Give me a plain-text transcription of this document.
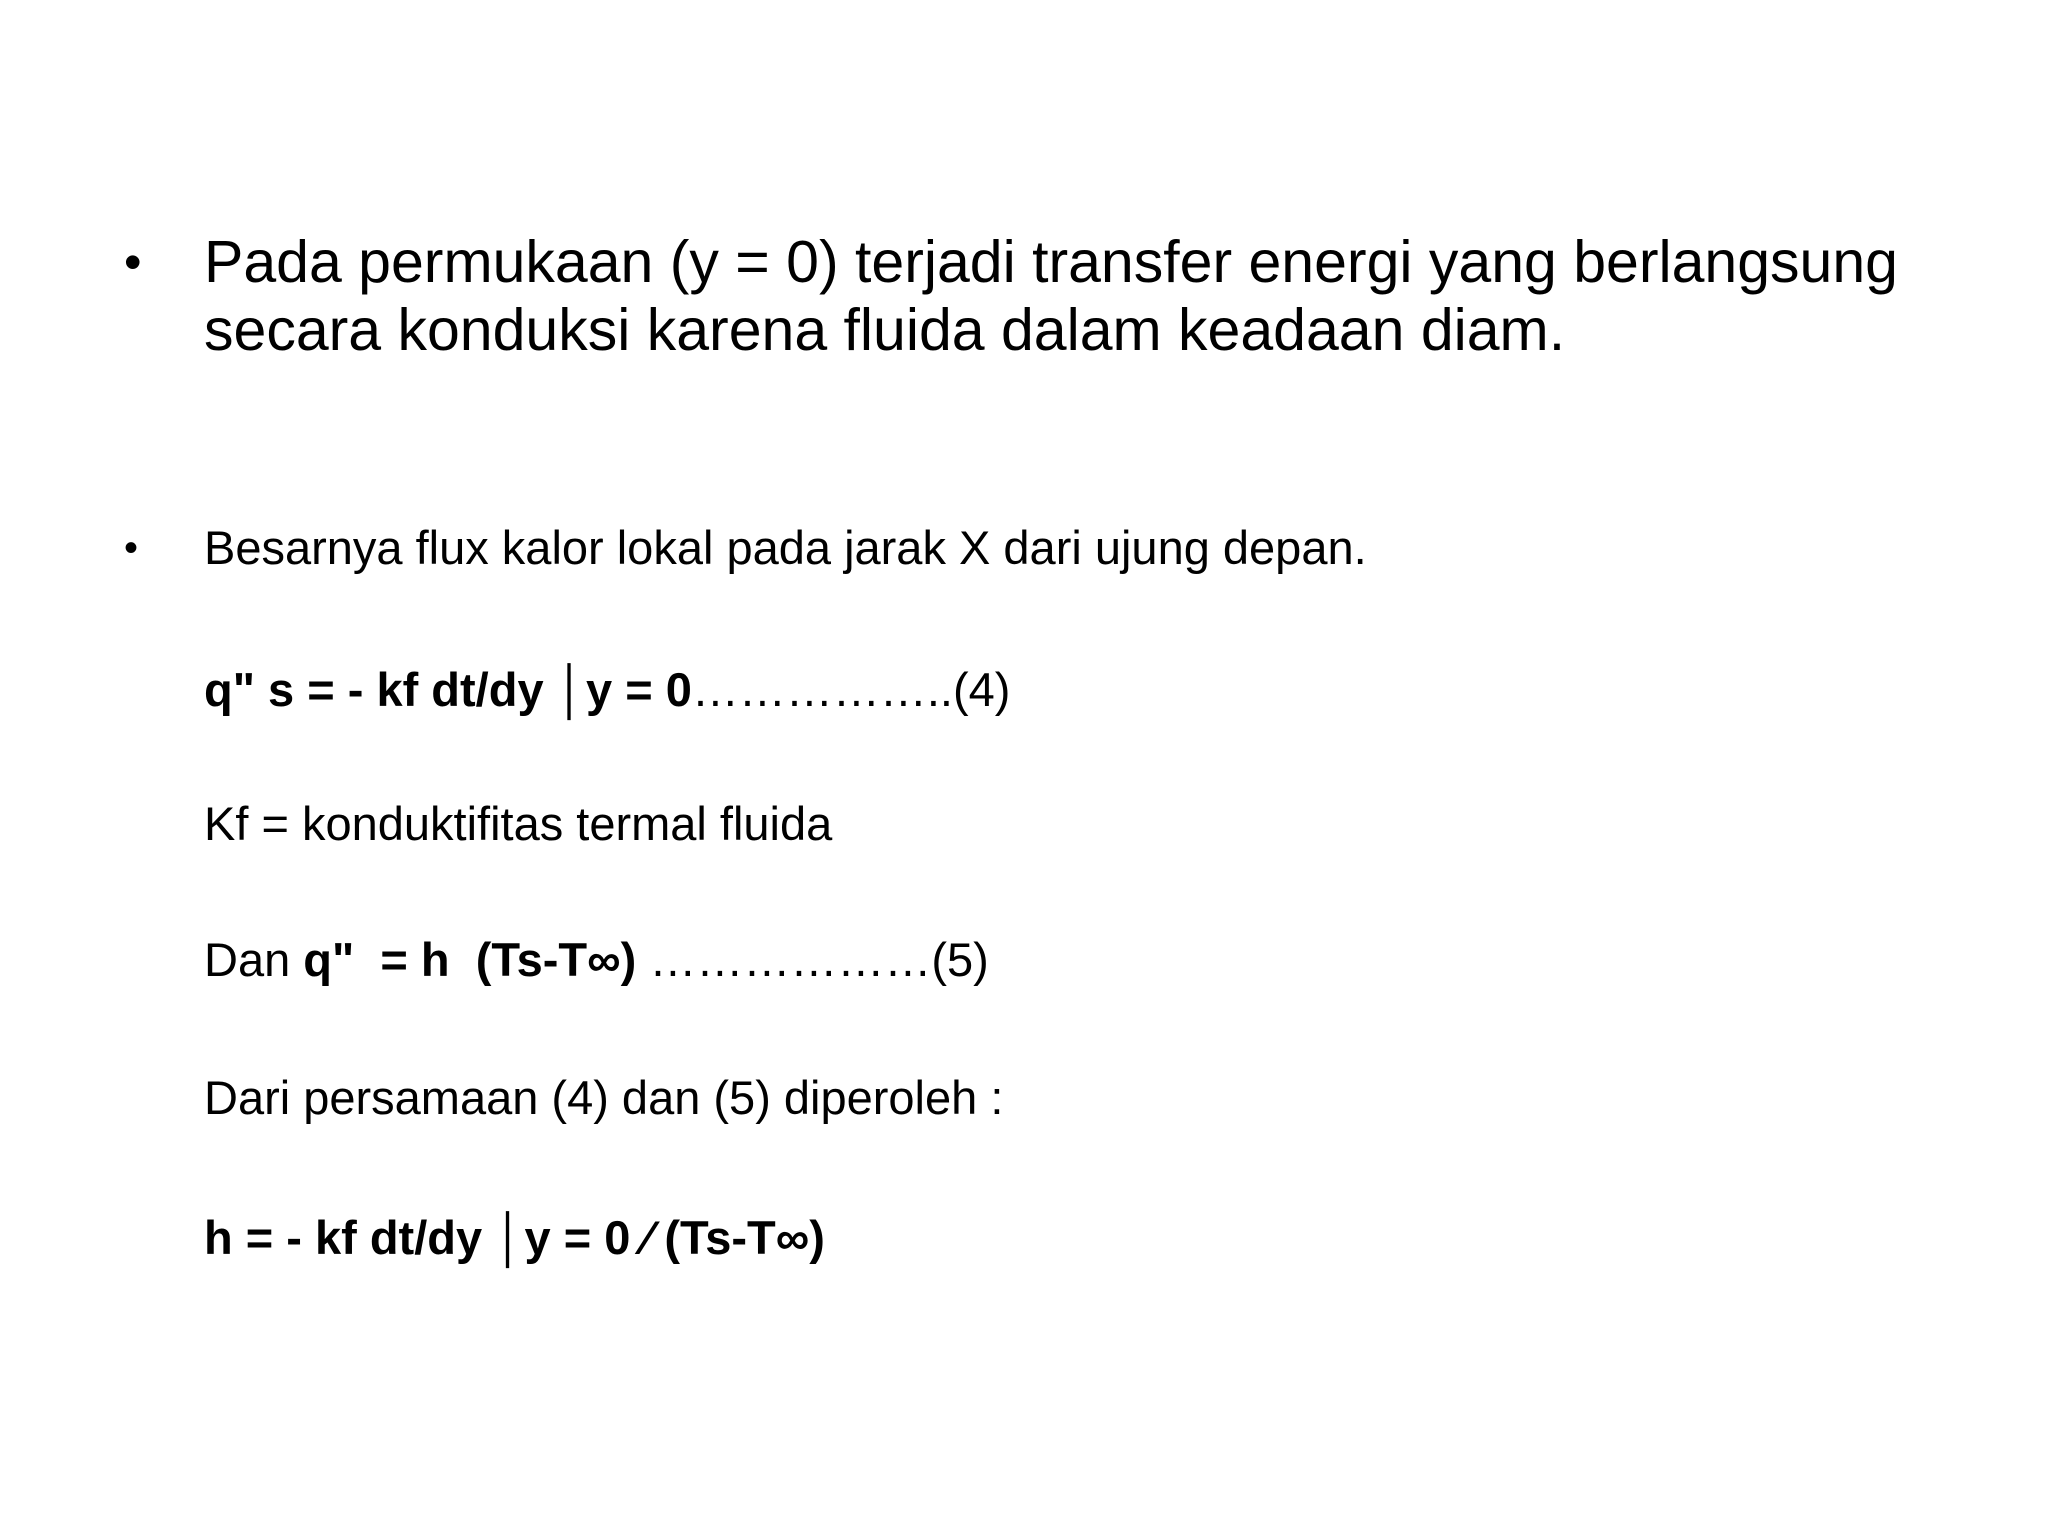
•	Pada permukaan (y = 0) terjadi transfer energi yang berlangsung secara konduksi karena fluida dalam keadaan diam.
•	Besarnya flux kalor lokal pada jarak X dari ujung depan.
q" s = - kf dt/dy │y = 0……………..(4)
Kf = konduktifitas termal fluida
Dan q"  = h  (Ts-T∞) ………………(5)
Dari persamaan (4) dan (5) diperoleh :
h = - kf dt/dy │y = 0 ⁄ (Ts-T∞)
